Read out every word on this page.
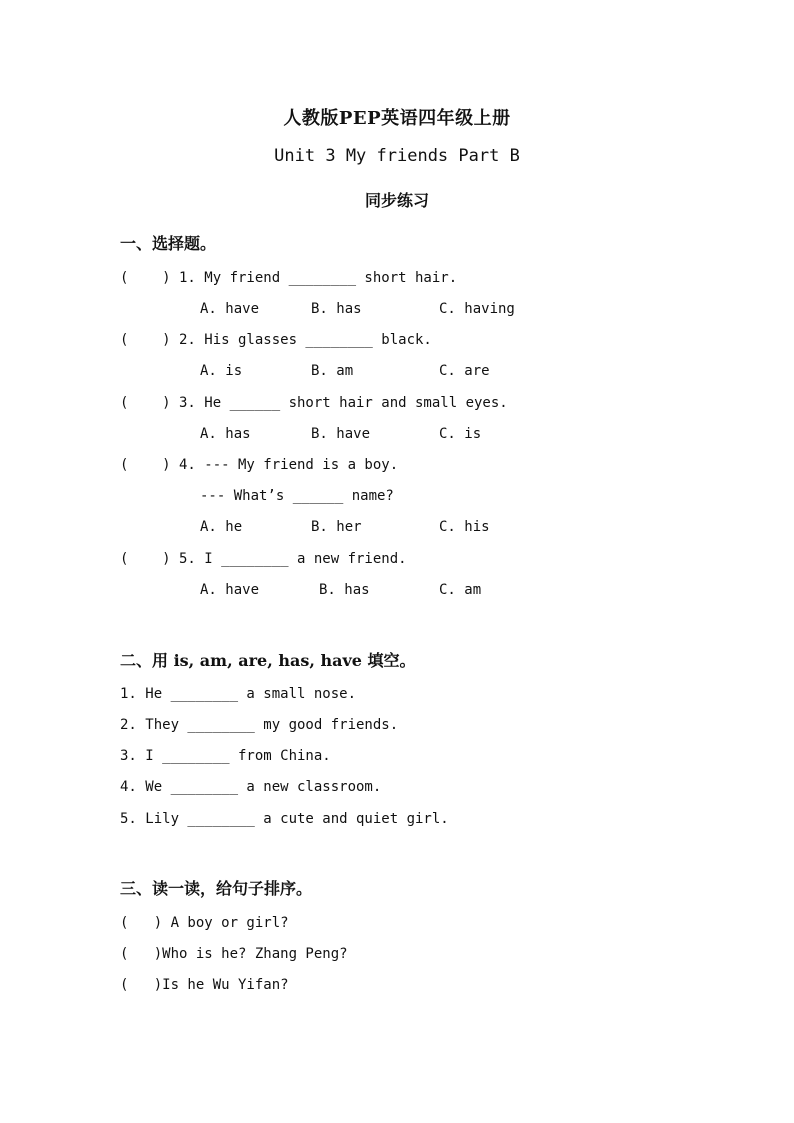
人教版PEP英语四年级上册
Unit 3 My friends Part B
同步练习
一、选择题。
(    ) 1. My friend ________ short hair.
A. have	B. has	C. having
(    ) 2. His glasses ________ black.
A. is	B. am	C. are
(    ) 3. He ______ short hair and small eyes.
A. has	B. have	C. is
(    ) 4. --- My friend is a boy.
--- What’s ______ name?
A. he	B. her	C. his
(    ) 5. I ________ a new friend.
A. have	B. has	C. am
二、用 is, am, are, has, have 填空。
1. He ________ a small nose.
2. They ________ my good friends.
3. I ________ from China.
4. We ________ a new classroom.
5. Lily ________ a cute and quiet girl.
三、读一读，给句子排序。
(   ) A boy or girl?
(   )Who is he? Zhang Peng?
(   )Is he Wu Yifan?
